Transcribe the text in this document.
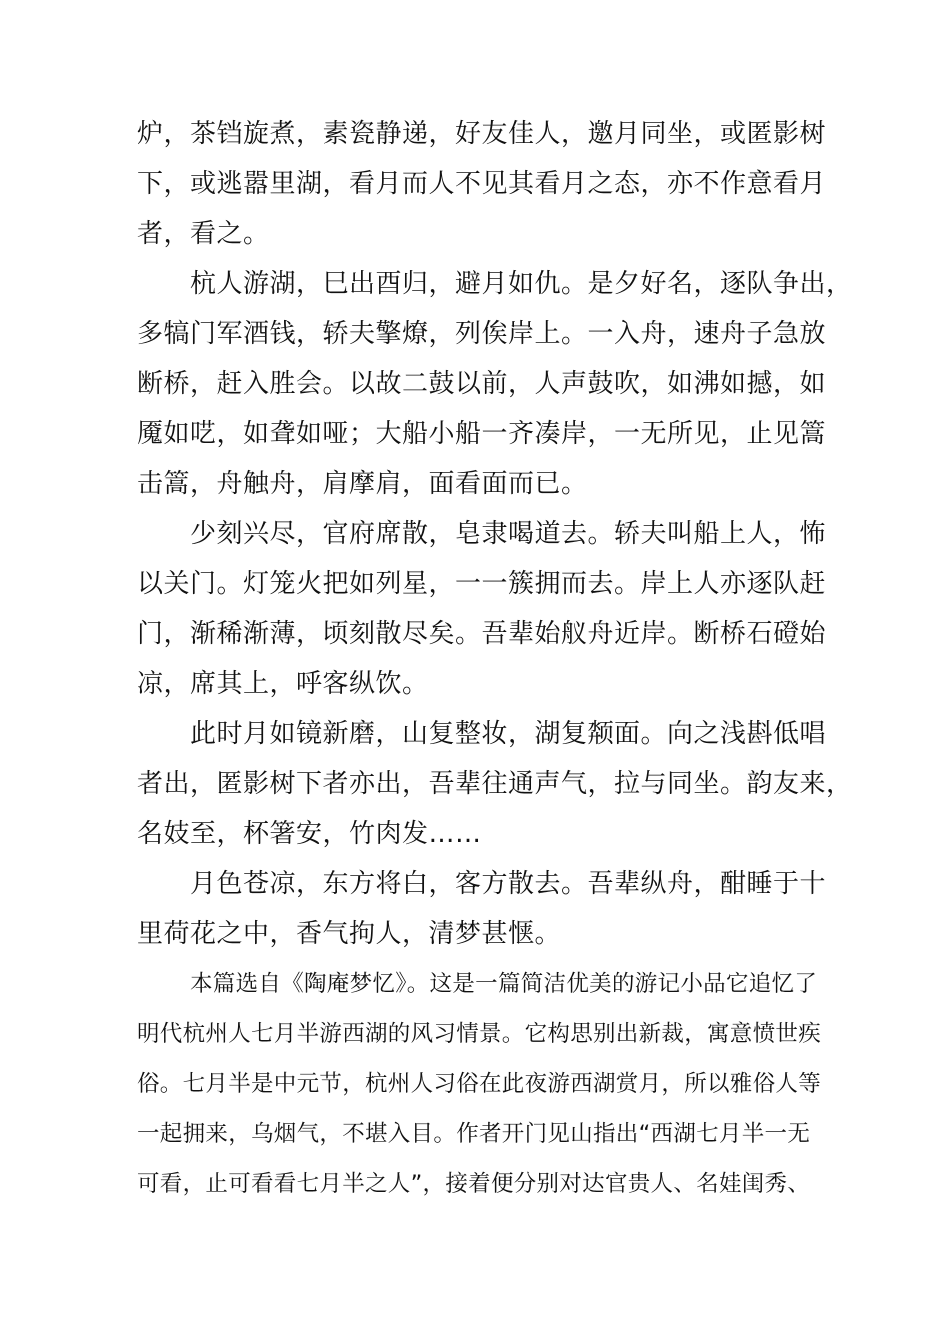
炉，茶铛旋煮，素瓷静递，好友佳人，邀月同坐，或匿影树
下，或逃嚣里湖，看月而人不见其看月之态，亦不作意看月
者，看之。
杭人游湖，巳出酉归，避月如仇。是夕好名，逐队争出，
多犒门军酒钱，轿夫擎燎，列俟岸上。一入舟，速舟子急放
断桥，赶入胜会。以故二鼓以前，人声鼓吹，如沸如撼，如
魇如呓，如聋如哑；大船小船一齐凑岸，一无所见，止见篙
击篙，舟触舟，肩摩肩，面看面而已。
少刻兴尽，官府席散，皂隶喝道去。轿夫叫船上人，怖
以关门。灯笼火把如列星，一一簇拥而去。岸上人亦逐队赶
门，渐稀渐薄，顷刻散尽矣。吾辈始舣舟近岸。断桥石磴始
凉，席其上，呼客纵饮。
此时月如镜新磨，山复整妆，湖复颒面。向之浅斟低唱
者出，匿影树下者亦出，吾辈往通声气，拉与同坐。韵友来，
名妓至，杯箸安，竹肉发……
月色苍凉，东方将白，客方散去。吾辈纵舟，酣睡于十
里荷花之中，香气拘人，清梦甚惬。
本篇选自《陶庵梦忆》。这是一篇简洁优美的游记小品它追忆了
明代杭州人七月半游西湖的风习情景。它构思别出新裁，寓意愤世疾
俗。七月半是中元节，杭州人习俗在此夜游西湖赏月，所以雅俗人等
一起拥来，乌烟气，不堪入目。作者开门见山指出“西湖七月半一无
可看，止可看看七月半之人”，接着便分别对达官贵人、名娃闺秀、
